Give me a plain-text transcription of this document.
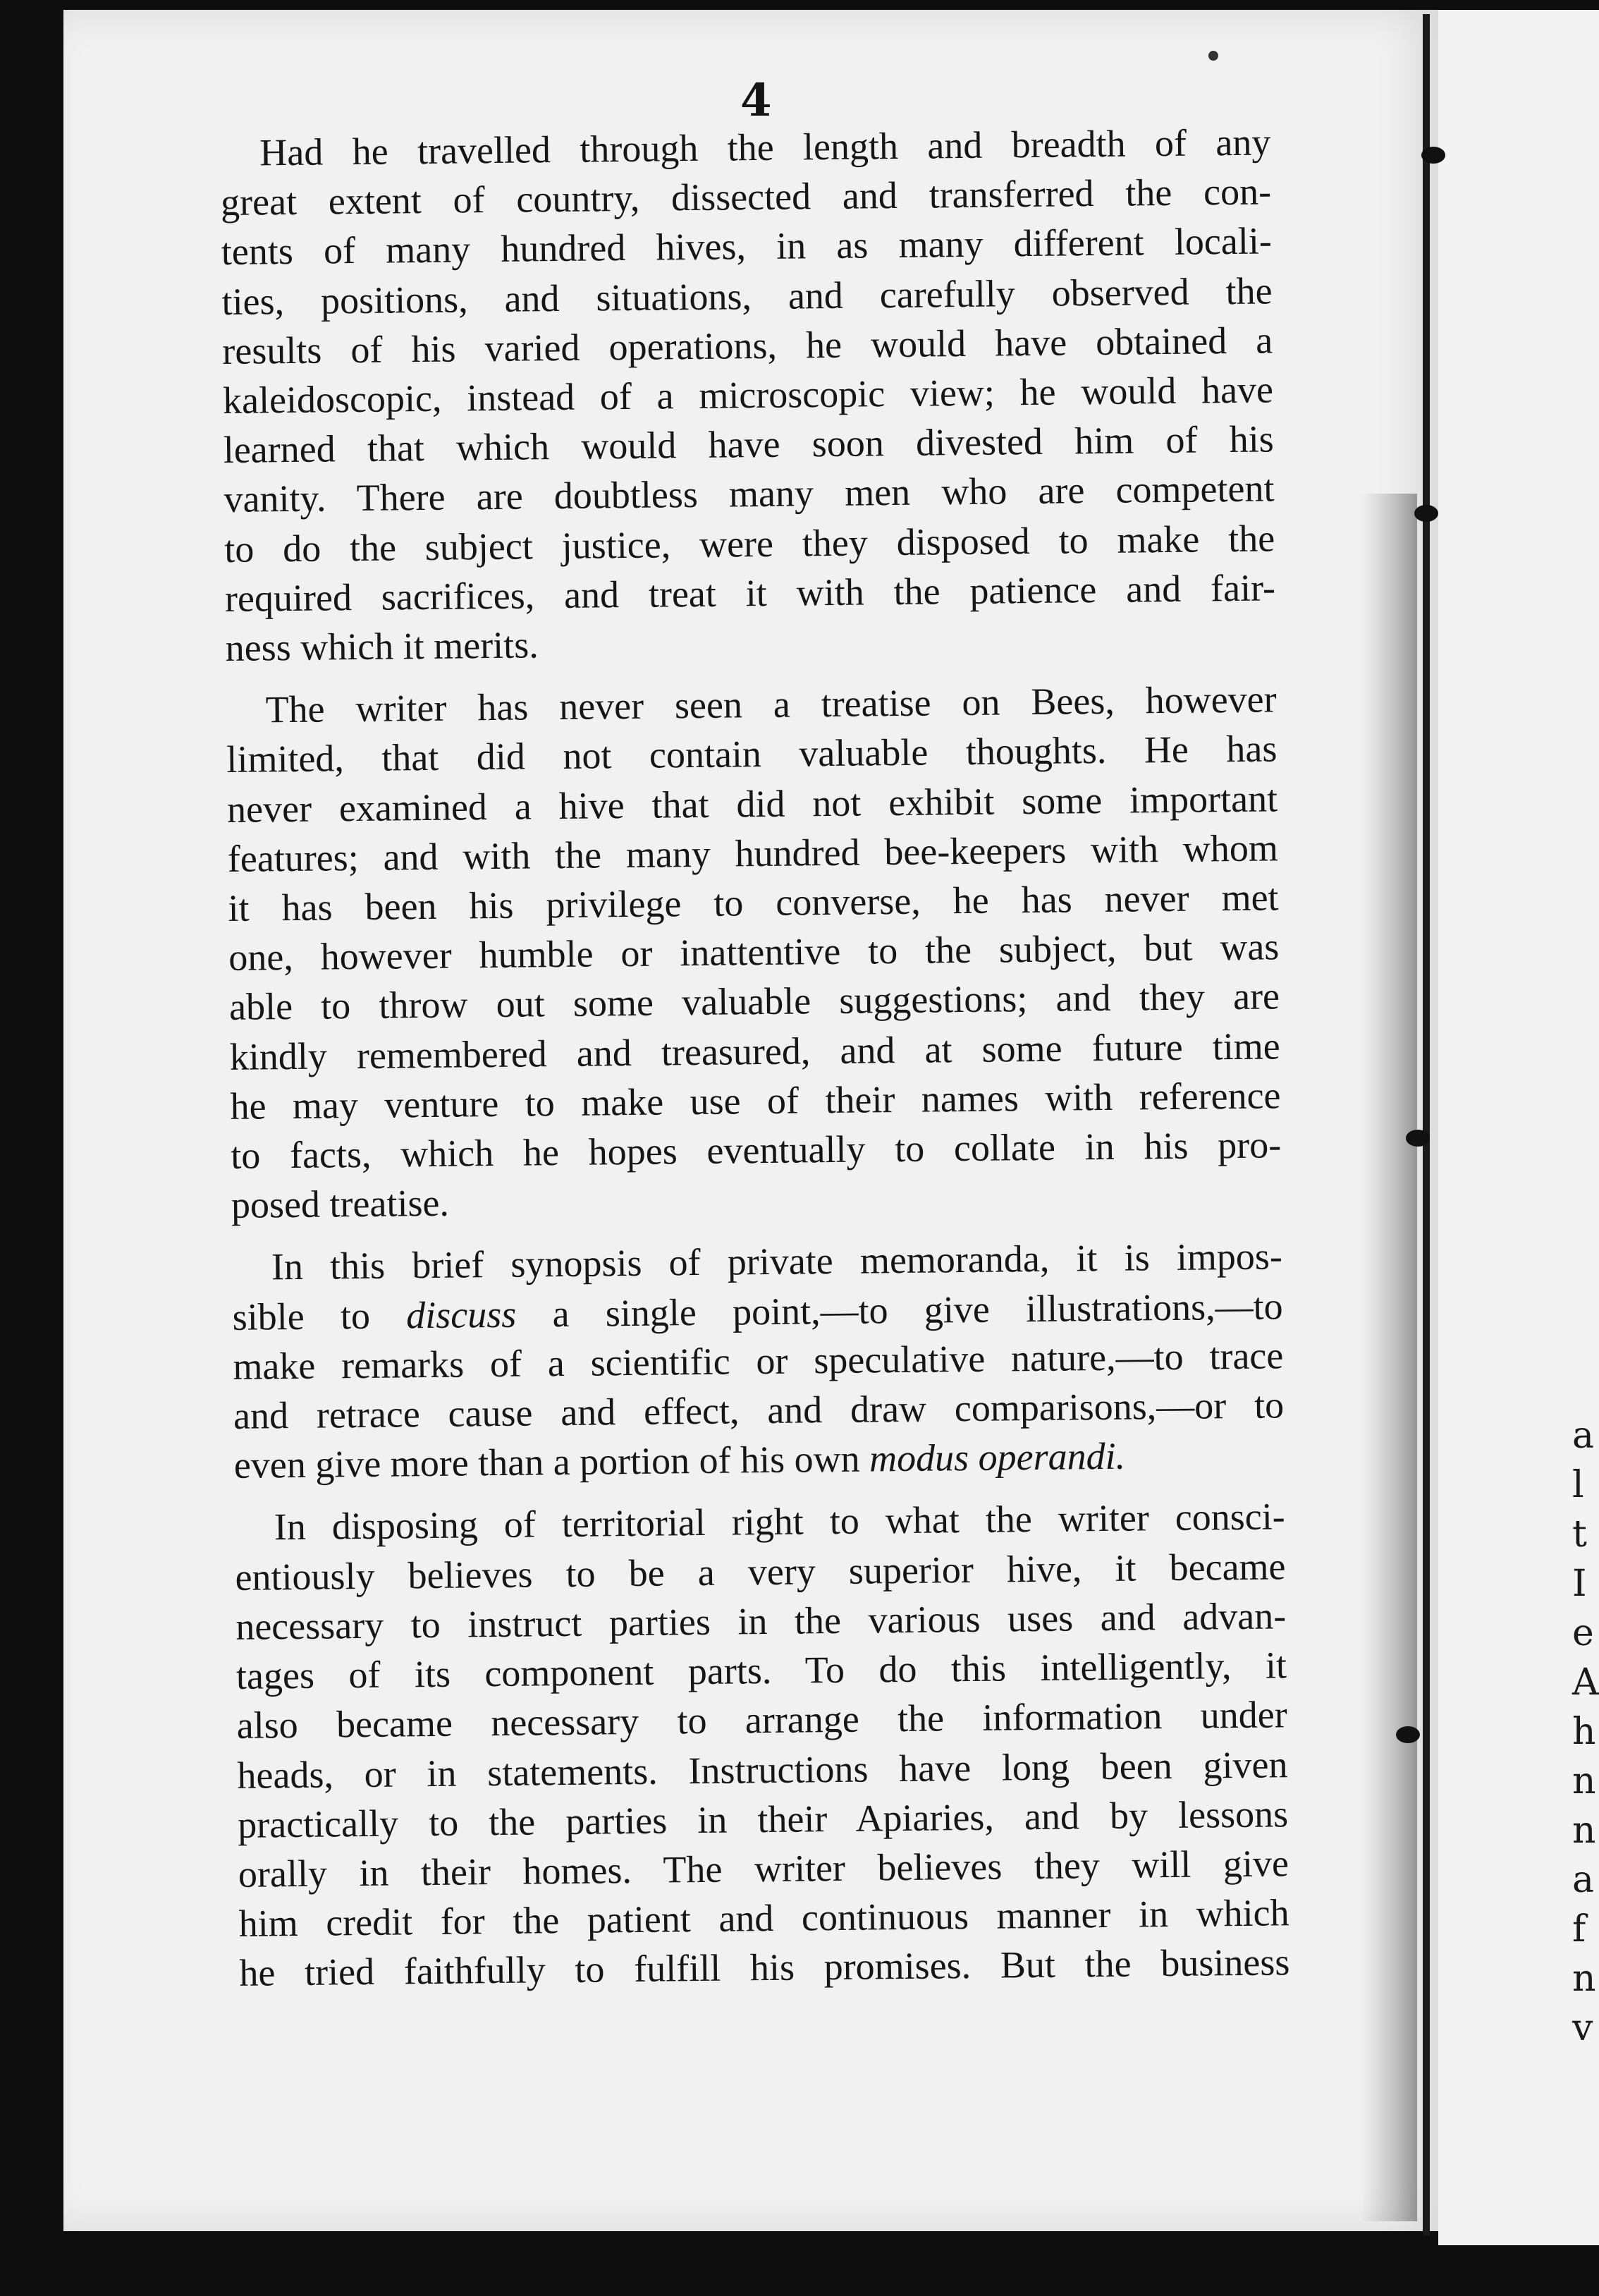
a
l
t
I
e
A
h
n
n
a
f
n
v
4
Had he travelled through the length and breadth of any
great extent of country, dissected and transferred the con-
tents of many hundred hives, in as many different locali-
ties, positions, and situations, and carefully observed the
results of his varied operations, he would have obtained a
kaleidoscopic, instead of a microscopic view; he would have
learned that which would have soon divested him of his
vanity. There are doubtless many men who are competent
to do the subject justice, were they disposed to make the
required sacrifices, and treat it with the patience and fair-
ness which it merits.
The writer has never seen a treatise on Bees, however
limited, that did not contain valuable thoughts. He has
never examined a hive that did not exhibit some important
features; and with the many hundred bee-keepers with whom
it has been his privilege to converse, he has never met
one, however humble or inattentive to the subject, but was
able to throw out some valuable suggestions; and they are
kindly remembered and treasured, and at some future time
he may venture to make use of their names with reference
to facts, which he hopes eventually to collate in his pro-
posed treatise.
In this brief synopsis of private memoranda, it is impos-
sible to discuss a single point,—to give illustrations,—to
make remarks of a scientific or speculative nature,—to trace
and retrace cause and effect, and draw comparisons,—or to
even give more than a portion of his own modus operandi.
In disposing of territorial right to what the writer consci-
entiously believes to be a very superior hive, it became
necessary to instruct parties in the various uses and advan-
tages of its component parts. To do this intelligently, it
also became necessary to arrange the information under
heads, or in statements. Instructions have long been given
practically to the parties in their Apiaries, and by lessons
orally in their homes. The writer believes they will give
him credit for the patient and continuous manner in which
he tried faithfully to fulfill his promises. But the business
